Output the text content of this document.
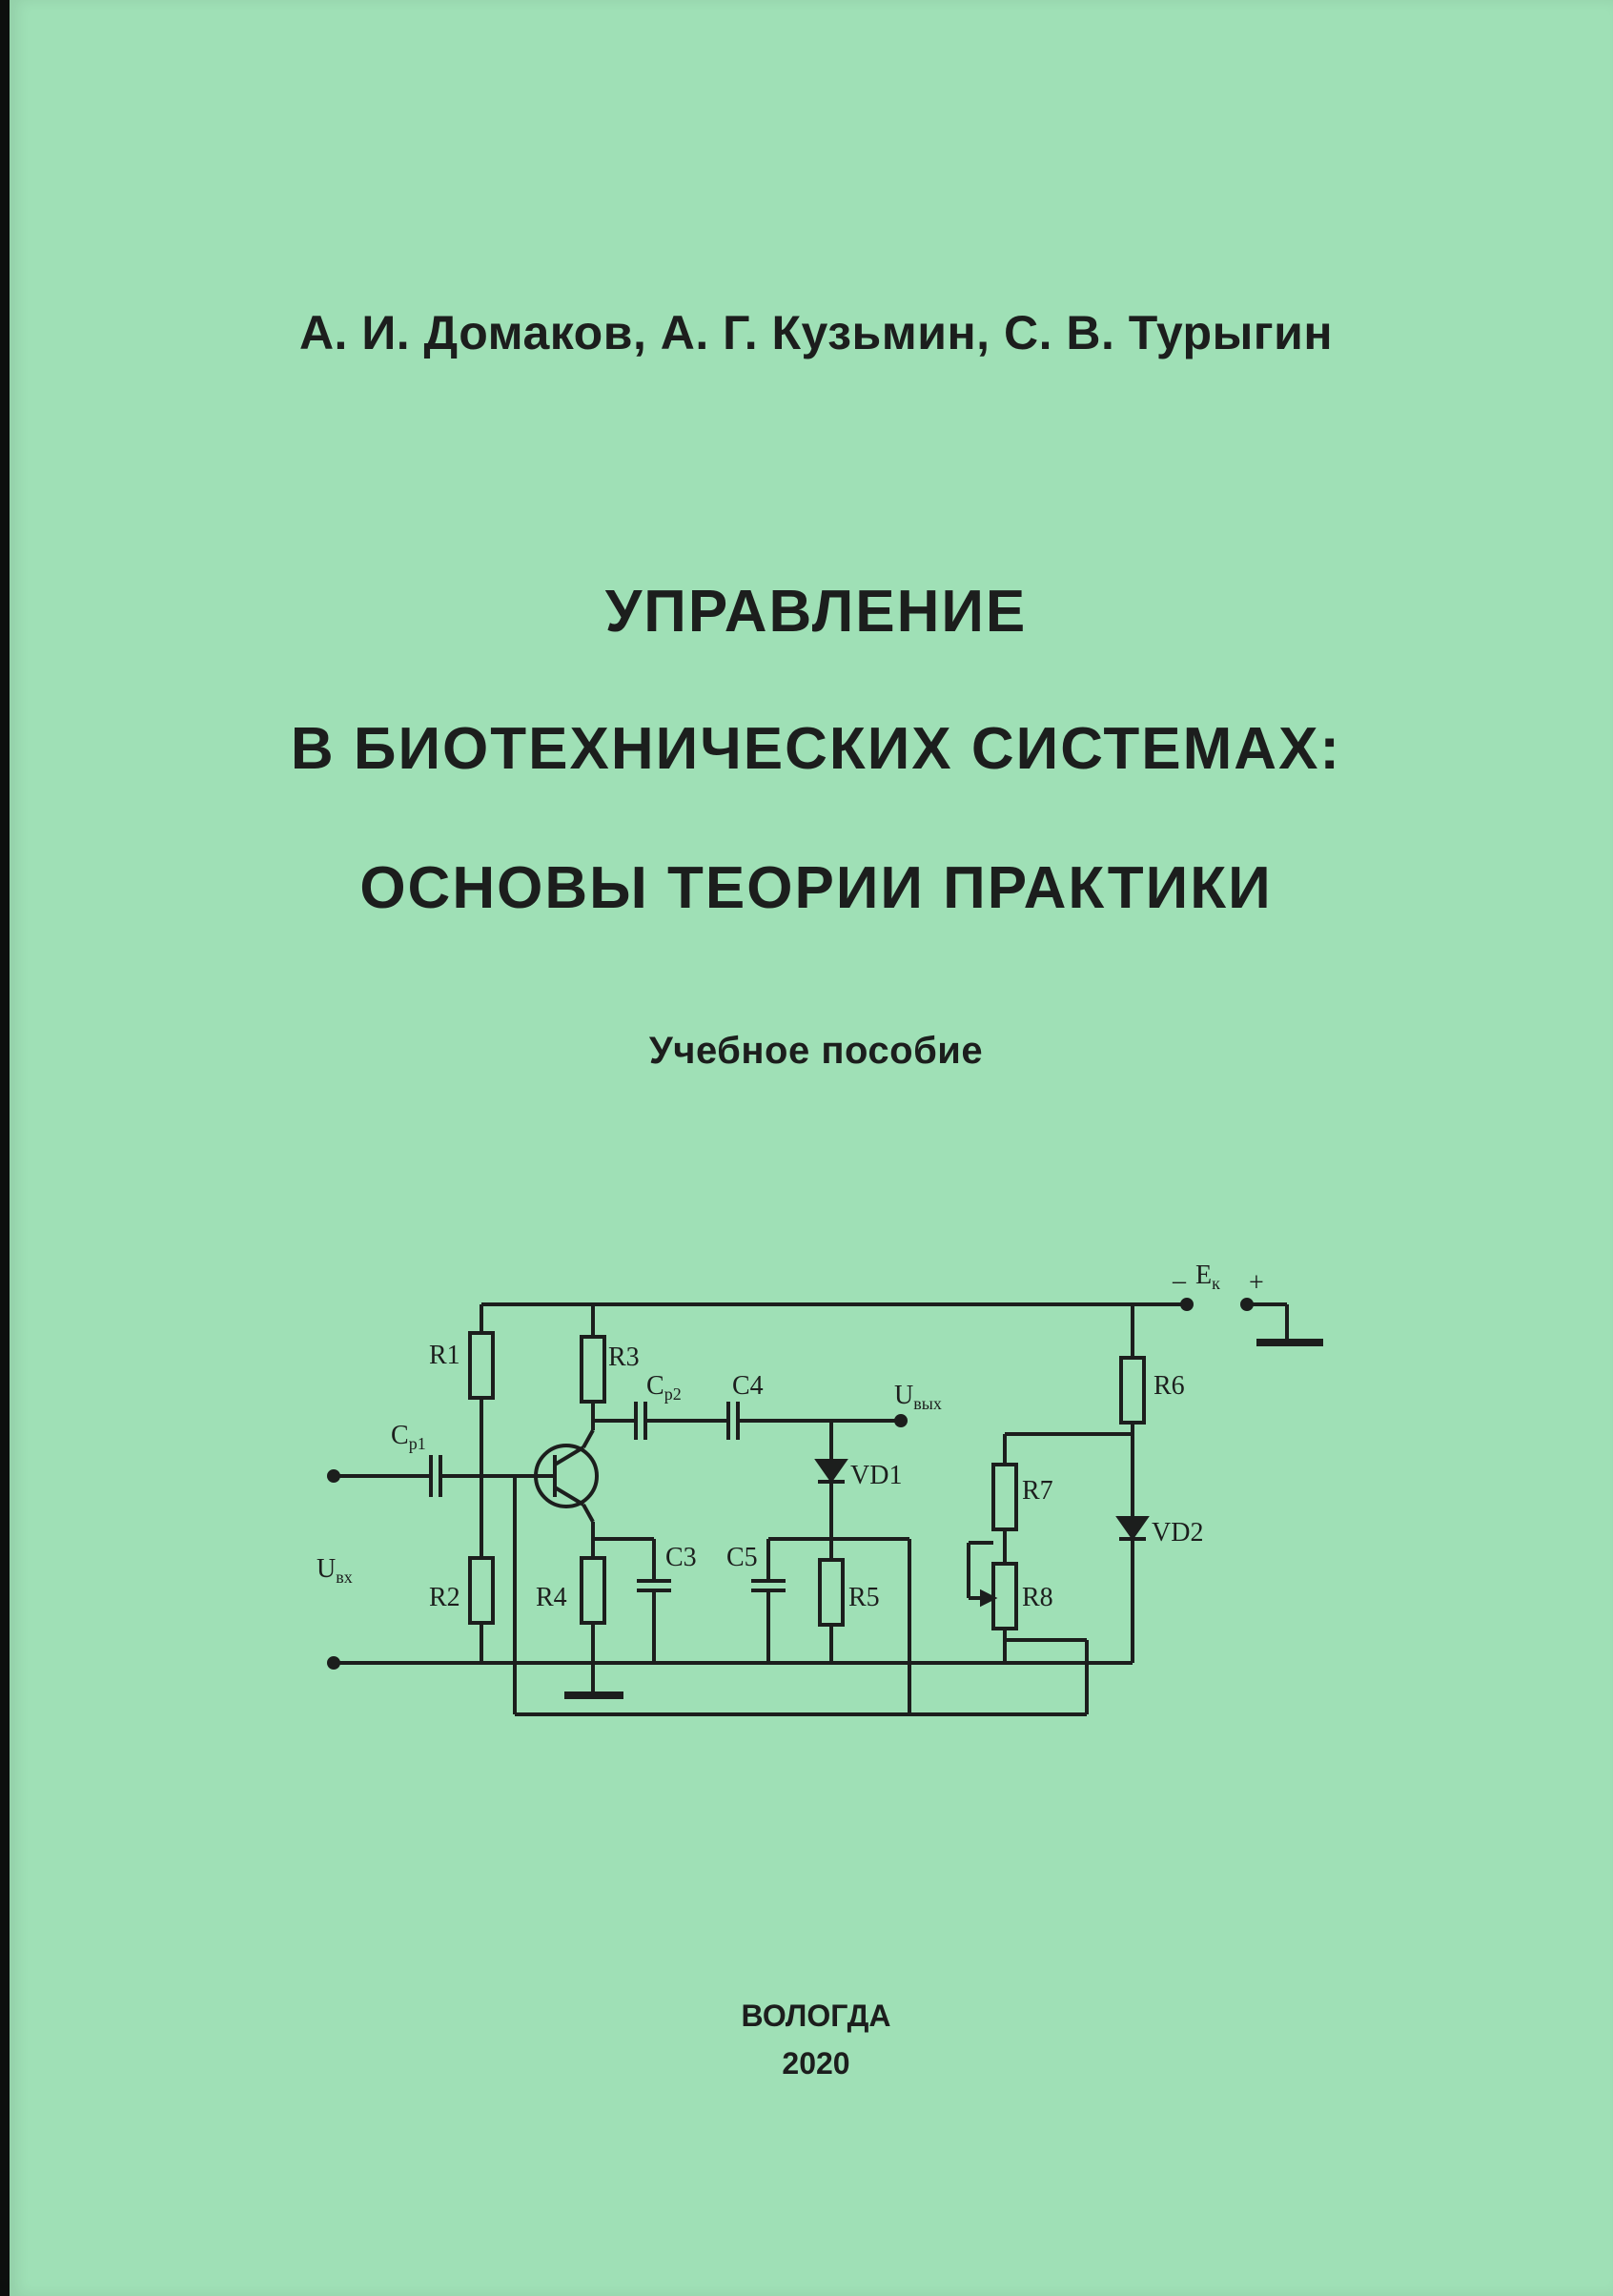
А. И. Домаков, А. Г. Кузьмин, С. В. Турыгин

УПРАВЛЕНИЕ

В БИОТЕХНИЧЕСКИХ СИСТЕМАХ:

ОСНОВЫ ТЕОРИИ ПРАКТИКИ

Учебное пособие

R1
R2
R3
R4	R5
R6
R7
R8
C3
C4
C5
VD1
VD2
$C_{p1}$
$C_{p2}$
$U_{вх}$
$U_{вых}$
$E_к$
– +

ВОЛОГДА

2020
